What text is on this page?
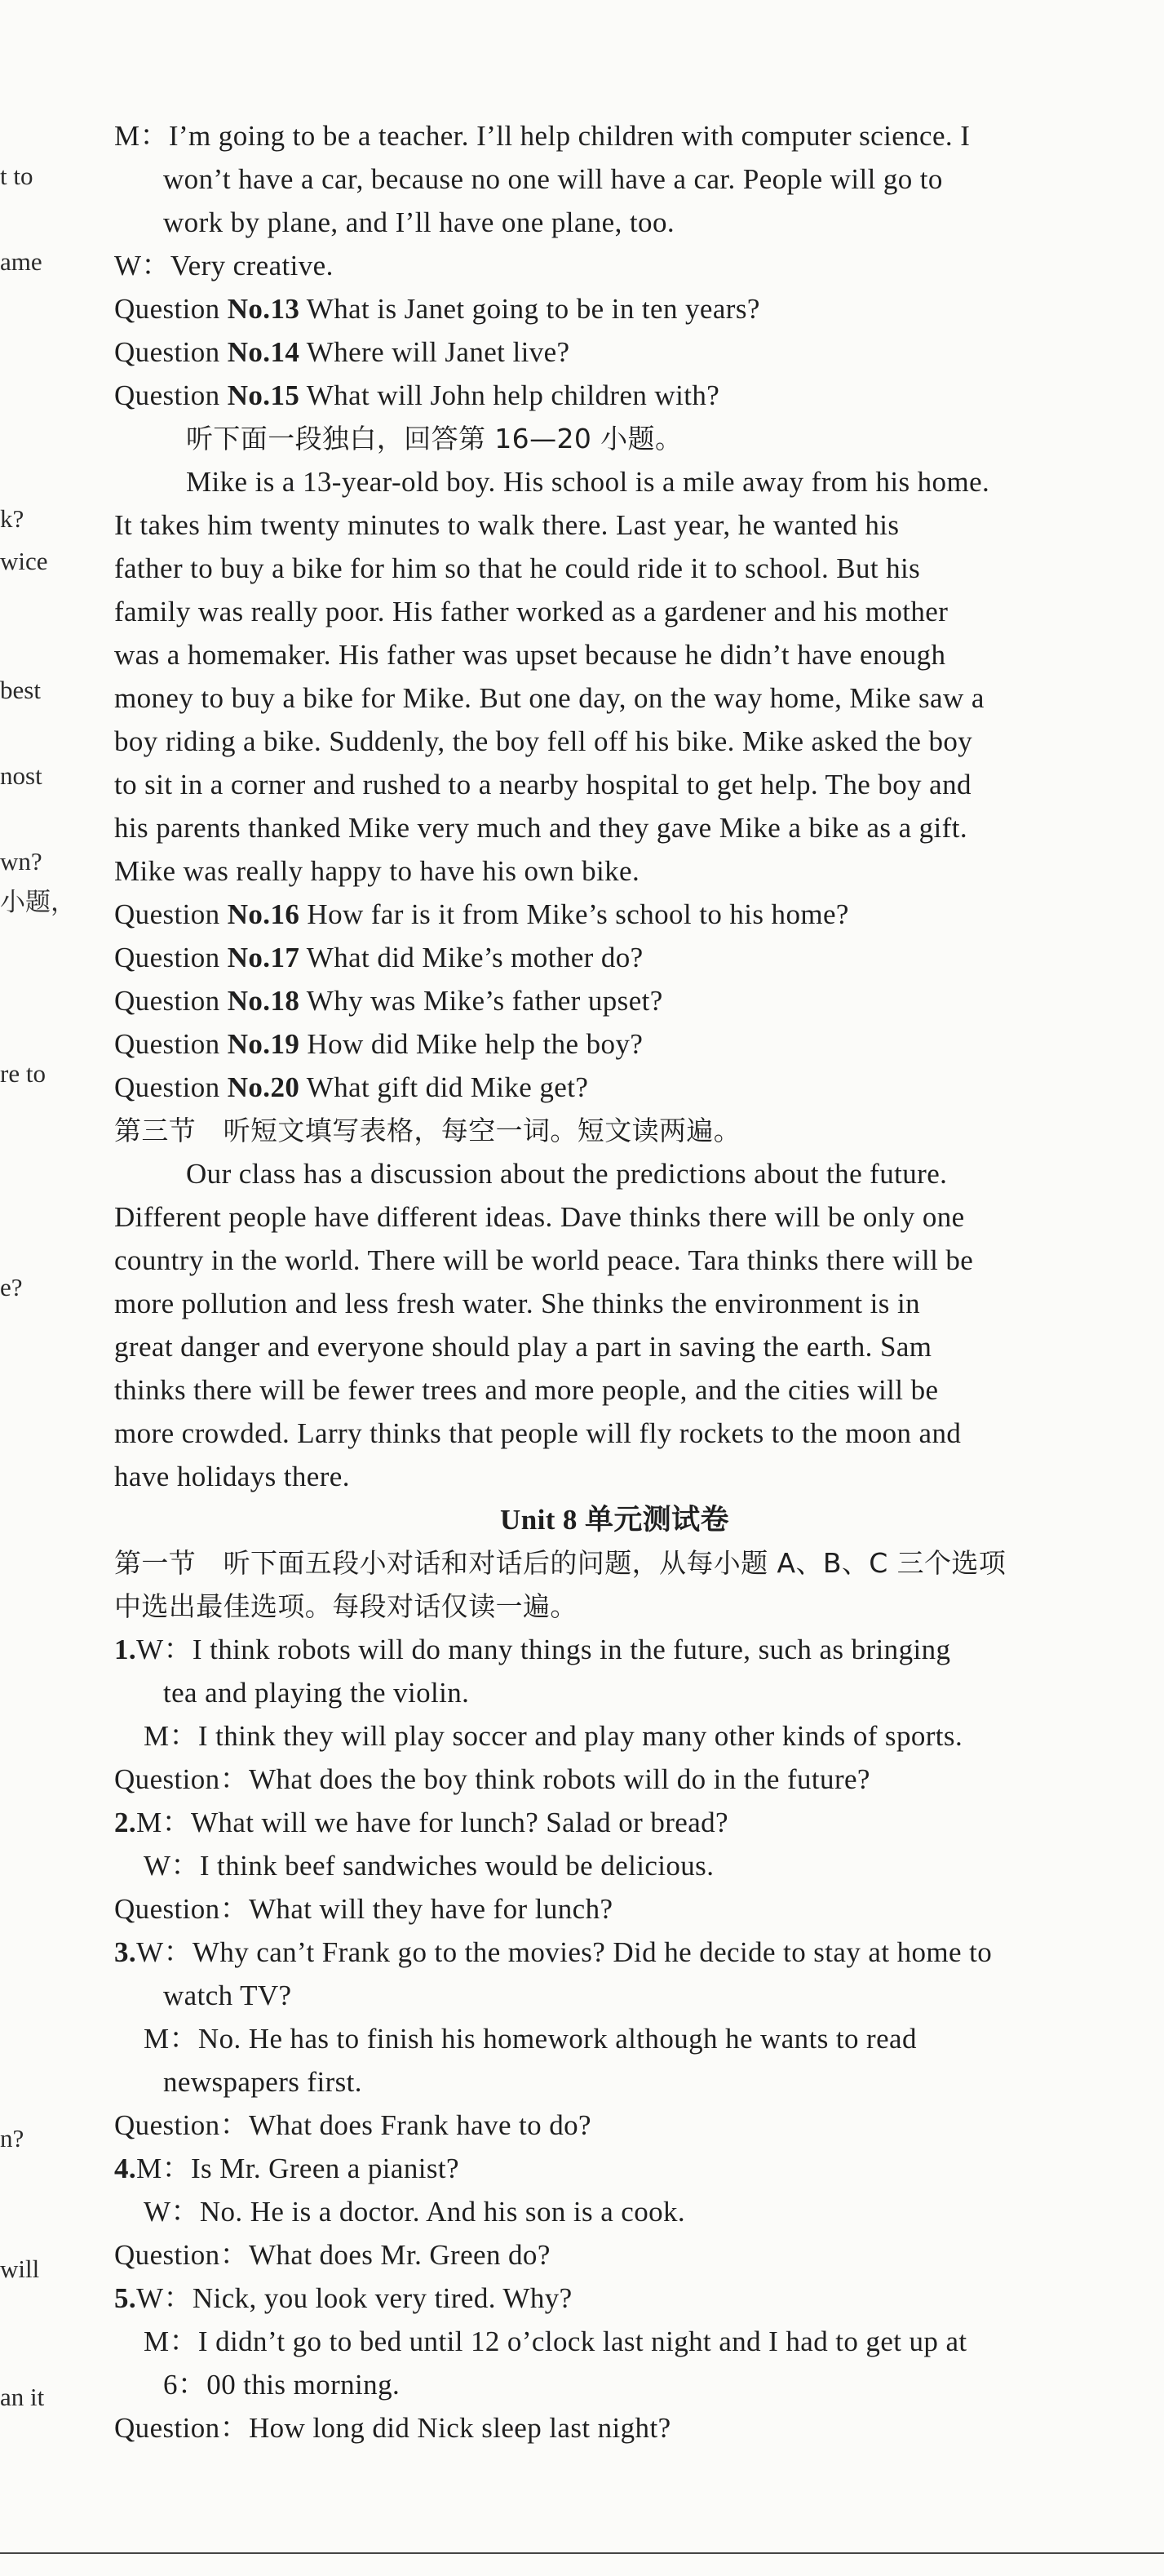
t to
ame
k?
wice
best
nost
wn?
小题，
re to
e?
n?
will
an it
M：I’m going to be a teacher. I’ll help children with computer science. I
won’t have a car, because no one will have a car. People will go to
work by plane, and I’ll have one plane, too.
W：Very creative.
Question No.13 What is Janet going to be in ten years?
Question No.14 Where will Janet live?
Question No.15 What will John help children with?
听下面一段独白，回答第 16—20 小题。
Mike is a 13-year-old boy. His school is a mile away from his home.
It takes him twenty minutes to walk there. Last year, he wanted his
father to buy a bike for him so that he could ride it to school. But his
family was really poor. His father worked as a gardener and his mother
was a homemaker. His father was upset because he didn’t have enough
money to buy a bike for Mike. But one day, on the way home, Mike saw a
boy riding a bike. Suddenly, the boy fell off his bike. Mike asked the boy
to sit in a corner and rushed to a nearby hospital to get help. The boy and
his parents thanked Mike very much and they gave Mike a bike as a gift.
Mike was really happy to have his own bike.
Question No.16 How far is it from Mike’s school to his home?
Question No.17 What did Mike’s mother do?
Question No.18 Why was Mike’s father upset?
Question No.19 How did Mike help the boy?
Question No.20 What gift did Mike get?
第三节　听短文填写表格，每空一词。短文读两遍。
Our class has a discussion about the predictions about the future.
Different people have different ideas. Dave thinks there will be only one
country in the world. There will be world peace. Tara thinks there will be
more pollution and less fresh water. She thinks the environment is in
great danger and everyone should play a part in saving the earth. Sam
thinks there will be fewer trees and more people, and the cities will be
more crowded. Larry thinks that people will fly rockets to the moon and
have holidays there.
Unit 8 单元测试卷
第一节　听下面五段小对话和对话后的问题，从每小题 A、B、C 三个选项
中选出最佳选项。每段对话仅读一遍。
1.W：I think robots will do many things in the future, such as bringing
tea and playing the violin.
M：I think they will play soccer and play many other kinds of sports.
Question：What does the boy think robots will do in the future?
2.M：What will we have for lunch? Salad or bread?
W：I think beef sandwiches would be delicious.
Question：What will they have for lunch?
3.W：Why can’t Frank go to the movies? Did he decide to stay at home to
watch TV?
M：No. He has to finish his homework although he wants to read
newspapers first.
Question：What does Frank have to do?
4.M：Is Mr. Green a pianist?
W：No. He is a doctor. And his son is a cook.
Question：What does Mr. Green do?
5.W：Nick, you look very tired. Why?
M：I didn’t go to bed until 12 o’clock last night and I had to get up at
6：00 this morning.
Question：How long did Nick sleep last night?
